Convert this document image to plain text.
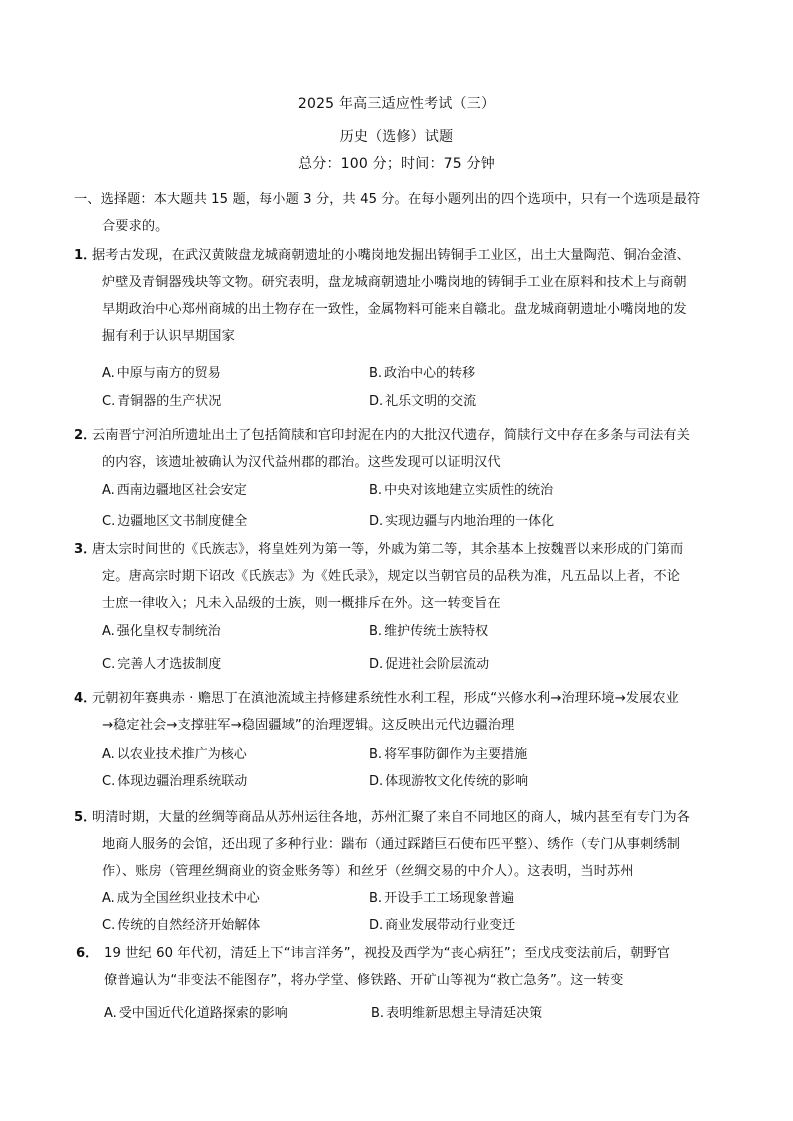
2025 年高三适应性考试（三）
历史（选修）试题
总分：100 分；时间：75 分钟
一、选择题：本大题共 15 题，每小题 3 分，共 45 分。在每小题列出的四个选项中，只有一个选项是最符
合要求的。
1．
据考古发现，在武汉黄陂盘龙城商朝遗址的小嘴岗地发掘出铸铜手工业区，出土大量陶范、铜冶金渣、
炉壁及青铜器残块等文物。研究表明，盘龙城商朝遗址小嘴岗地的铸铜手工业在原料和技术上与商朝
早期政治中心郑州商城的出土物存在一致性，金属物料可能来自赣北。盘龙城商朝遗址小嘴岗地的发
掘有利于认识早期国家
A. 中原与南方的贸易	B. 政治中心的转移
C. 青铜器的生产状况	D. 礼乐文明的交流
2．
云南晋宁河泊所遗址出土了包括简牍和官印封泥在内的大批汉代遗存，简牍行文中存在多条与司法有关
的内容，该遗址被确认为汉代益州郡的郡治。这些发现可以证明汉代
A. 西南边疆地区社会安定	B. 中央对该地建立实质性的统治
C. 边疆地区文书制度健全	D. 实现边疆与内地治理的一体化
3．
唐太宗时间世的《氏族志》，将皇姓列为第一等，外戚为第二等，其余基本上按魏晋以来形成的门第而
定。唐高宗时期下诏改《氏族志》为《姓氏录》，规定以当朝官员的品秩为准，凡五品以上者，不论
士庶一律收入；凡未入品级的士族，则一概排斥在外。这一转变旨在
A. 强化皇权专制统治	B. 维护传统士族特权
C. 完善人才选拔制度	D. 促进社会阶层流动
4．
元朝初年赛典赤 · 赡思丁在滇池流域主持修建系统性水利工程，形成“兴修水利→治理环境→发展农业
→稳定社会→支撑驻军→稳固疆域”的治理逻辑。这反映出元代边疆治理
A. 以农业技术推广为核心	B. 将军事防御作为主要措施
C. 体现边疆治理系统联动	D. 体现游牧文化传统的影响
5．
明清时期，大量的丝绸等商品从苏州运往各地，苏州汇聚了来自不同地区的商人，城内甚至有专门为各
地商人服务的会馆，还出现了多种行业：踹布（通过踩踏巨石使布匹平整）、绣作（专门从事刺绣制
作）、账房（管理丝绸商业的资金账务等）和丝牙（丝绸交易的中介人）。这表明，当时苏州
A. 成为全国丝织业技术中心	B. 开设手工工场现象普遍
C. 传统的自然经济开始解体	D. 商业发展带动行业变迁
6． 19 世纪 60 年代初，清廷上下“讳言洋务”，视投及西学为“丧心病狂”；至戊戌变法前后，朝野官
僚普遍认为“非变法不能图存”，将办学堂、修铁路、开矿山等视为“救亡急务”。这一转变
A. 受中国近代化道路探索的影响	B. 表明维新思想主导清廷决策
